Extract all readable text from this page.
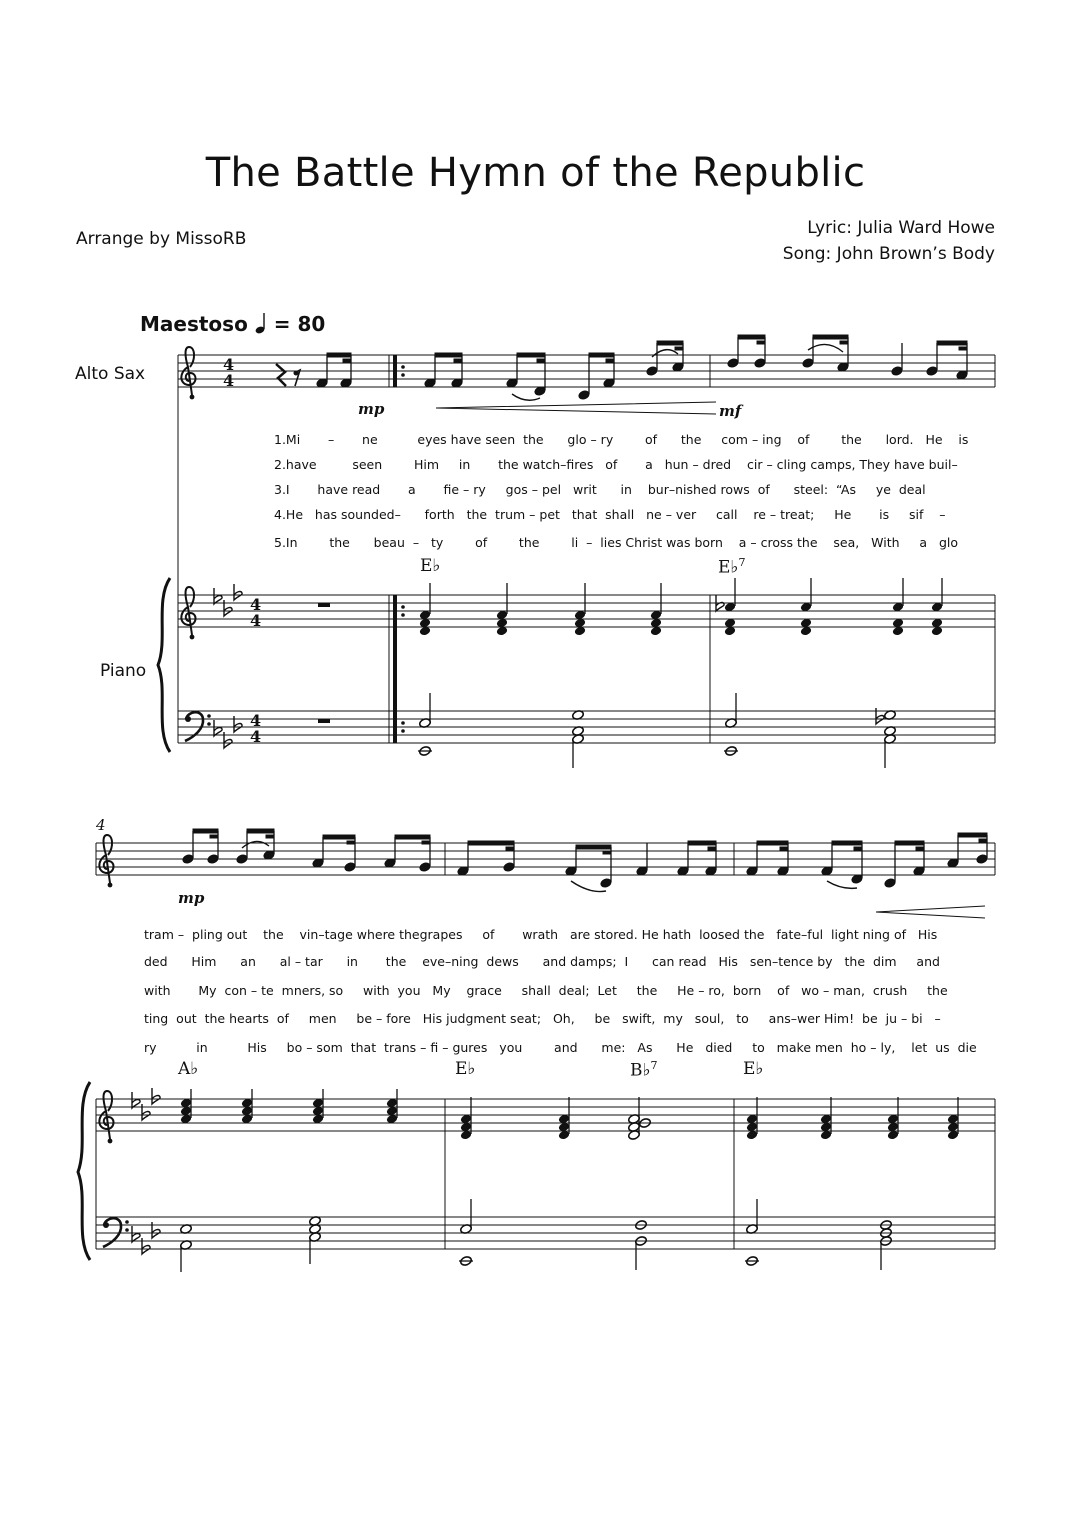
The Battle Hymn of the Republic
Arrange by MissoRB
Lyric: Julia Ward Howe
Song: John Brown’s Body
Maestoso = 80
Alto Sax
Piano
4
mp	mf
mp
E♭	E♭$^7$
A♭	E♭	B♭$^7$	E♭
1.Mi       –       ne          eyes have seen  the      glo – ry        of      the     com – ing    of        the      lord.   He    is
2.have         seen        Him     in       the watch–fires   of       a   hun – dred    cir – cling camps, They have buil–
3.I       have read       a       fie – ry     gos – pel   writ      in    bur–nished rows  of      steel:  “As     ye  deal
4.He   has sounded–      forth   the  trum – pet   that  shall   ne – ver     call    re – treat;     He       is     sif    –
5.In        the      beau  –   ty        of        the        li  –  lies Christ was born    a – cross the    sea,   With     a   glo
tram –  pling out    the    vin–tage where thegrapes     of       wrath   are stored. He hath  loosed the   fate–ful  light ning of   His
ded      Him      an      al – tar      in       the    eve–ning  dews      and damps;  I      can read   His   sen–tence by   the  dim     and
with       My  con – te  mners, so     with  you   My    grace     shall  deal;  Let     the     He – ro,  born    of   wo – man,  crush     the
ting  out  the hearts  of     men     be – fore   His judgment seat;   Oh,     be   swift,  my   soul,   to     ans–wer Him!  be  ju – bi   –
ry          in          His     bo – som  that  trans – fi – gures   you        and      me:   As      He   died     to   make men  ho – ly,    let  us  die
4
4
4
4
4
4
